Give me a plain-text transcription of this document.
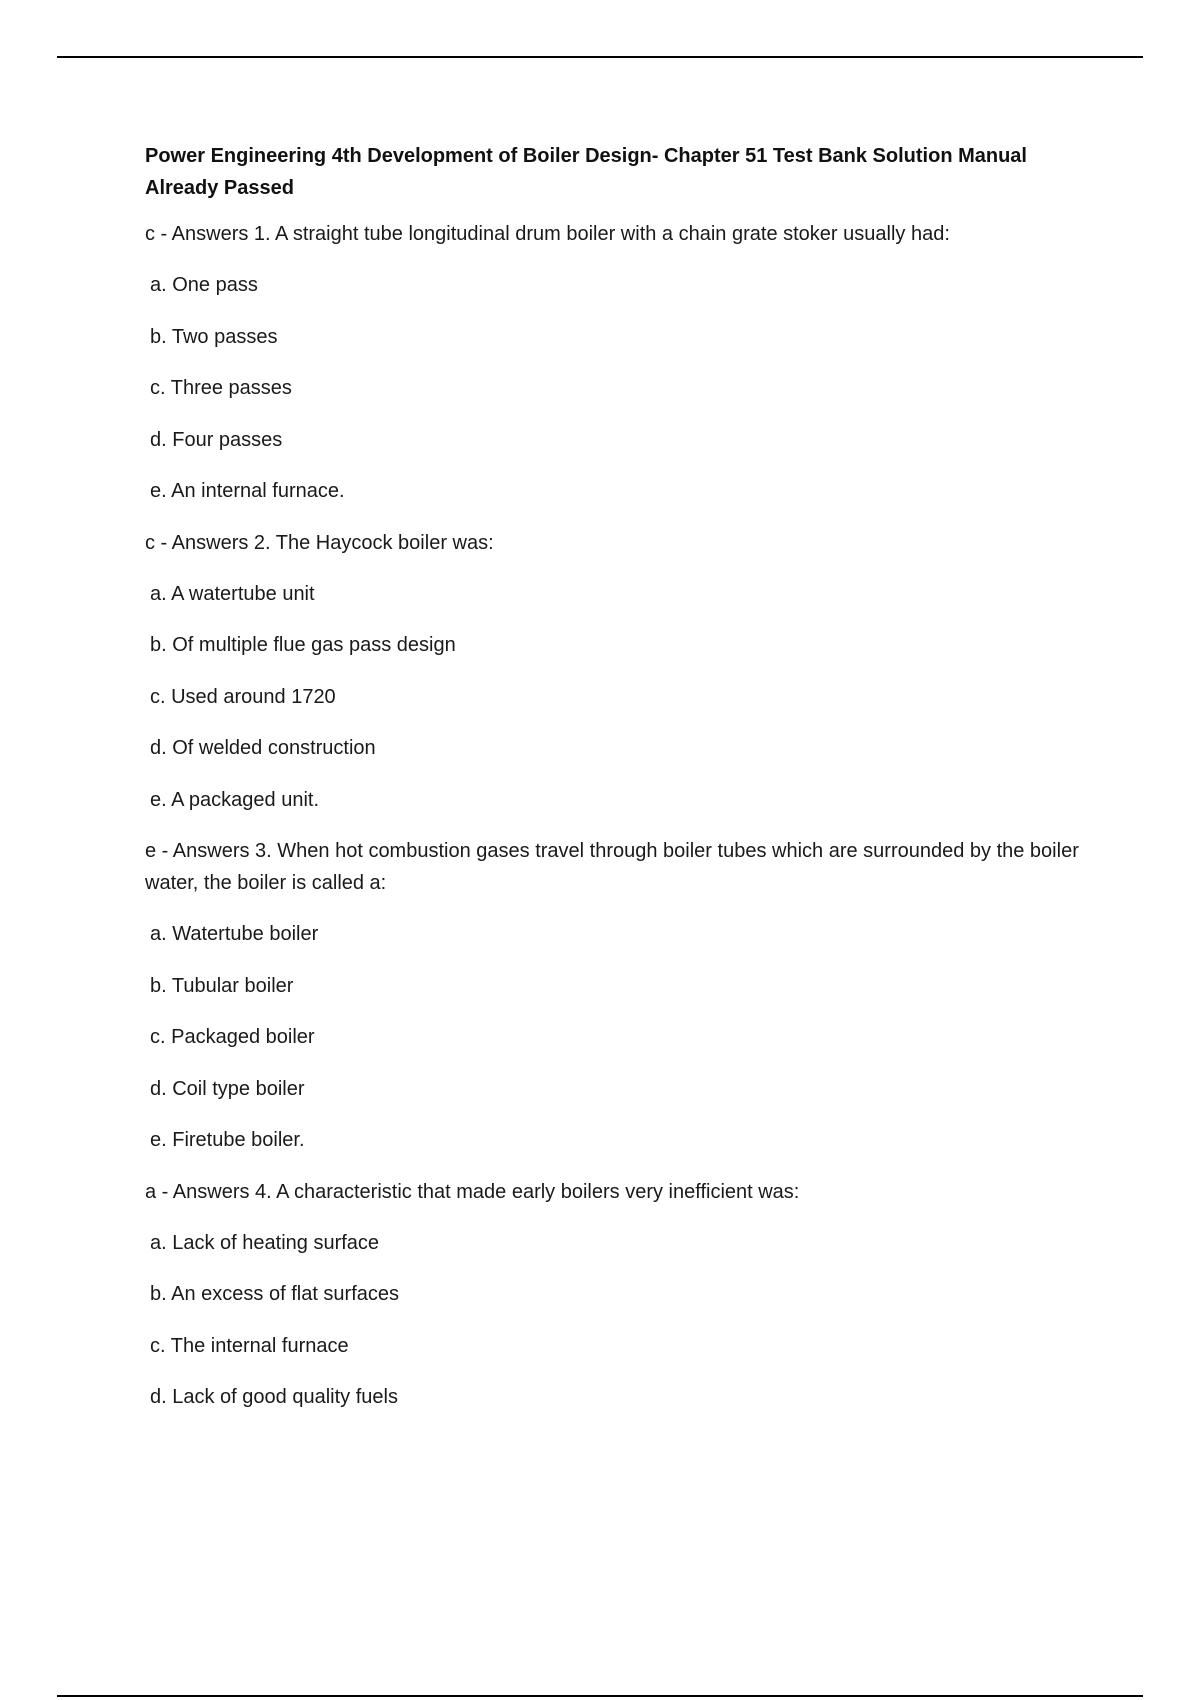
Power Engineering 4th Development of Boiler Design- Chapter 51 Test Bank Solution Manual Already Passed
c - Answers 1. A straight tube longitudinal drum boiler with a chain grate stoker usually had:
a. One pass
b. Two passes
c. Three passes
d. Four passes
e. An internal furnace.
c - Answers 2. The Haycock boiler was:
a. A watertube unit
b. Of multiple flue gas pass design
c. Used around 1720
d. Of welded construction
e. A packaged unit.
e - Answers 3. When hot combustion gases travel through boiler tubes which are surrounded by the boiler water, the boiler is called a:
a. Watertube boiler
b. Tubular boiler
c. Packaged boiler
d. Coil type boiler
e. Firetube boiler.
a - Answers 4. A characteristic that made early boilers very inefficient was:
a. Lack of heating surface
b. An excess of flat surfaces
c. The internal furnace
d. Lack of good quality fuels
